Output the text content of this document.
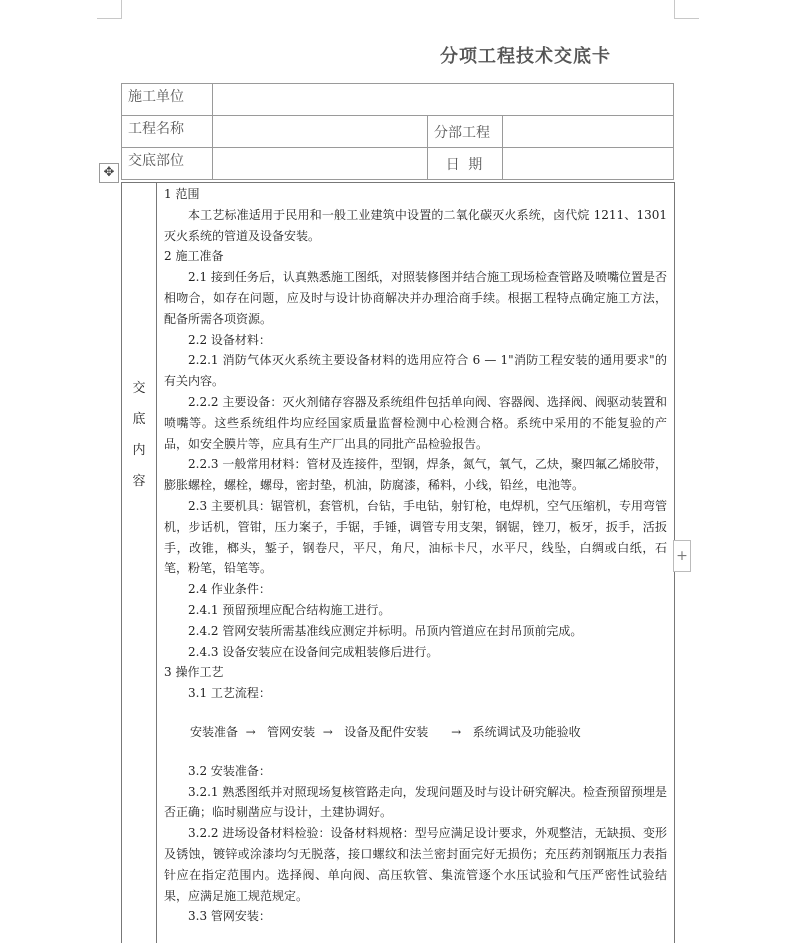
分项工程技术交底卡
施工单位			

工程名称		分部工程	

交底部位		日 期	
✥
交
底
内
容

1 范围

本工艺标准适用于民用和一般工业建筑中设置的二氧化碳灭火系统，卤代烷 1211、1301 灭火系统的管道及设备安装。

2 施工准备

2.1 接到任务后，认真熟悉施工图纸，对照装修图并结合施工现场检查管路及喷嘴位置是否相吻合，如存在问题，应及时与设计协商解决并办理洽商手续。根据工程特点确定施工方法，配备所需各项资源。

2.2 设备材料：

2.2.1 消防气体灭火系统主要设备材料的选用应符合 6 — 1"消防工程安装的通用要求"的有关内容。

2.2.2 主要设备：灭火剂储存容器及系统组件包括单向阀、容器阀、选择阀、阀驱动装置和喷嘴等。这些系统组件均应经国家质量监督检测中心检测合格。系统中采用的不能复验的产品，如安全膜片等，应具有生产厂出具的同批产品检验报告。

2.2.3 一般常用材料：管材及连接件，型钢，焊条，氮气，氧气，乙炔，聚四氟乙烯胶带，膨胀螺栓，螺栓，螺母，密封垫，机油，防腐漆，稀料，小线，铅丝，电池等。

2.3 主要机具：锯管机，套管机，台钻，手电钻，射钉枪，电焊机，空气压缩机，专用弯管机，步话机，管钳，压力案子，手锯，手锤，调管专用支架，钢锯，锉刀，板牙，扳手，活扳手，改锥，榔头，錾子，钢卷尺，平尺，角尺，油标卡尺，水平尺，线坠，白绸或白纸，石笔，粉笔，铅笔等。

2.4 作业条件：

2.4.1 预留预埋应配合结构施工进行。

2.4.2 管网安装所需基准线应测定并标明。吊顶内管道应在封吊顶前完成。

2.4.3 设备安装应在设备间完成粗装修后进行。

3 操作工艺

3.1 工艺流程：

安装准备  →   管网安装  →   设备及配件安装      →   系统调试及功能验收

3.2 安装准备：

3.2.1 熟悉图纸并对照现场复核管路走向，发现问题及时与设计研究解决。检查预留预埋是否正确；临时剔凿应与设计，土建协调好。

3.2.2 进场设备材料检验：设备材料规格：型号应满足设计要求，外观整洁，无缺损、变形及锈蚀，镀锌或涂漆均匀无脱落，接口螺纹和法兰密封面完好无损伤；充压药剂钢瓶压力表指针应在指定范围内。选择阀、单向阀、高压软管、集流管逐个水压试验和气压严密性试验结果，应满足施工规范规定。

3.3 管网安装：

+
